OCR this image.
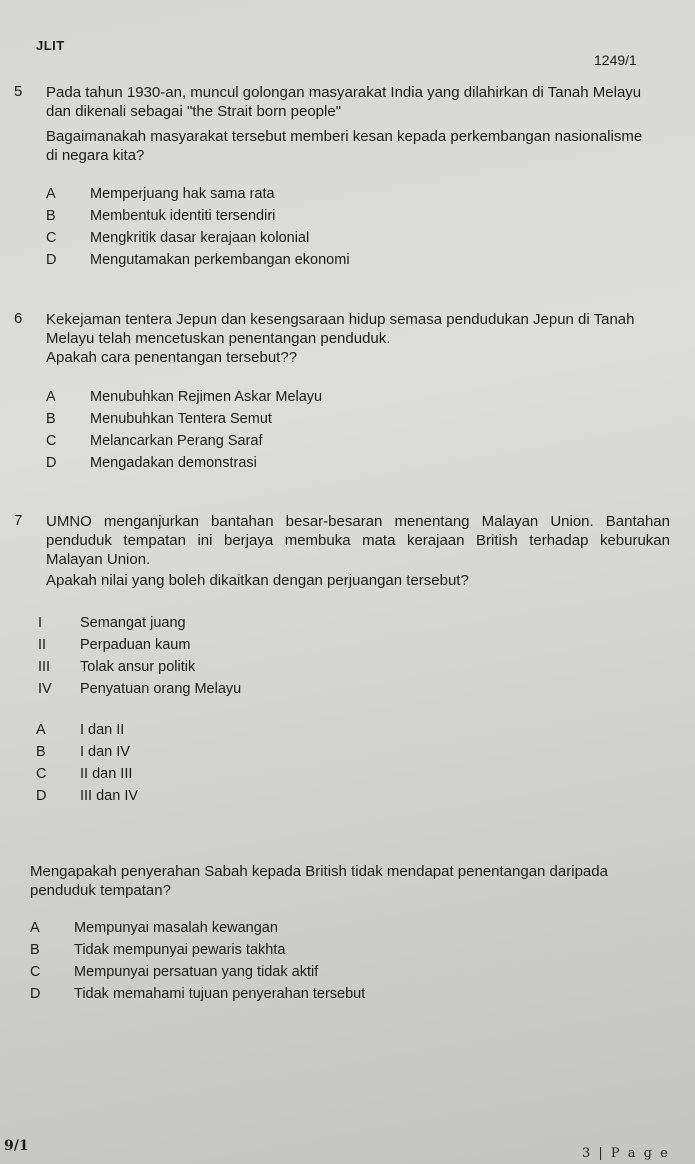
JLIT
1249/1
5 Pada tahun 1930-an, muncul golongan masyarakat India yang dilahirkan di Tanah Melayu

dan dikenali sebagai "the Strait born people"

Bagaimanakah masyarakat tersebut memberi kesan kepada perkembangan nasionalisme

di negara kita?

A	Memperjuang hak sama rata
B	Membentuk identiti tersendiri
C	Mengkritik dasar kerajaan kolonial
D	Mengutamakan perkembangan ekonomi
6 Kekejaman tentera Jepun dan kesengsaraan hidup semasa pendudukan Jepun di Tanah

Melayu telah mencetuskan penentangan penduduk.

Apakah cara penentangan tersebut??

A	Menubuhkan Rejimen Askar Melayu
B	Menubuhkan Tentera Semut
C	Melancarkan Perang Saraf
D	Mengadakan demonstrasi
7 UMNO menganjurkan bantahan besar-besaran menentang Malayan Union. Bantahan

penduduk tempatan ini berjaya membuka mata kerajaan British terhadap keburukan

Malayan Union.

Apakah nilai yang boleh dikaitkan dengan perjuangan tersebut?

I	Semangat juang
II	Perpaduan kaum
III	Tolak ansur politik
IV	Penyatuan orang Melayu
A	I dan II
B	I dan IV
C	II dan III
D	III dan IV

Mengapakah penyerahan Sabah kepada British tidak mendapat penentangan daripada

penduduk tempatan?

A	Mempunyai masalah kewangan
B	Tidak mempunyai pewaris takhta
C	Mempunyai persatuan yang tidak aktif
D	Tidak memahami tujuan penyerahan tersebut
9/1	3 | P a g e
